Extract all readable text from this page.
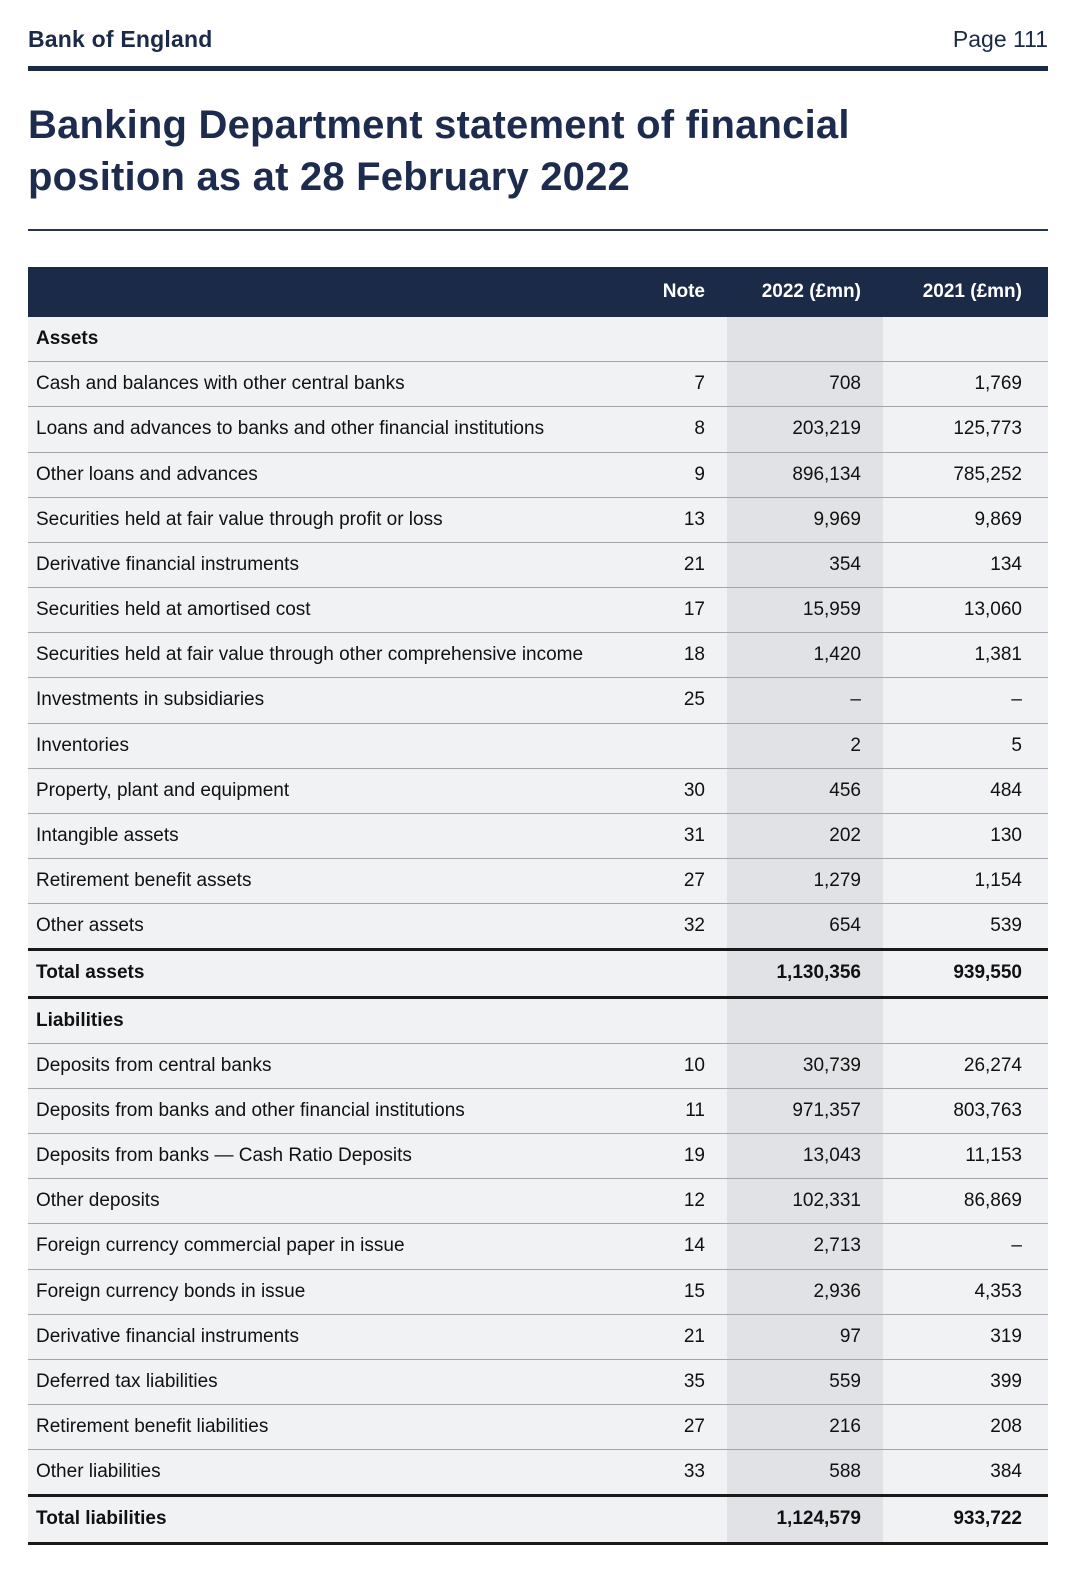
Bank of England	Page 111
Banking Department statement of financial position as at 28 February 2022
	Note	2022 (£mn)	2021 (£mn)
Assets			
Cash and balances with other central banks	7	708	1,769
Loans and advances to banks and other financial institutions	8	203,219	125,773
Other loans and advances	9	896,134	785,252
Securities held at fair value through profit or loss	13	9,969	9,869
Derivative financial instruments	21	354	134
Securities held at amortised cost	17	15,959	13,060
Securities held at fair value through other comprehensive income	18	1,420	1,381
Investments in subsidiaries	25	–	–
Inventories		2	5
Property, plant and equipment	30	456	484
Intangible assets	31	202	130
Retirement benefit assets	27	1,279	1,154
Other assets	32	654	539
Total assets		1,130,356	939,550
Liabilities			
Deposits from central banks	10	30,739	26,274
Deposits from banks and other financial institutions	11	971,357	803,763
Deposits from banks — Cash Ratio Deposits	19	13,043	11,153
Other deposits	12	102,331	86,869
Foreign currency commercial paper in issue	14	2,713	–
Foreign currency bonds in issue	15	2,936	4,353
Derivative financial instruments	21	97	319
Deferred tax liabilities	35	559	399
Retirement benefit liabilities	27	216	208
Other liabilities	33	588	384
Total liabilities		1,124,579	933,722
